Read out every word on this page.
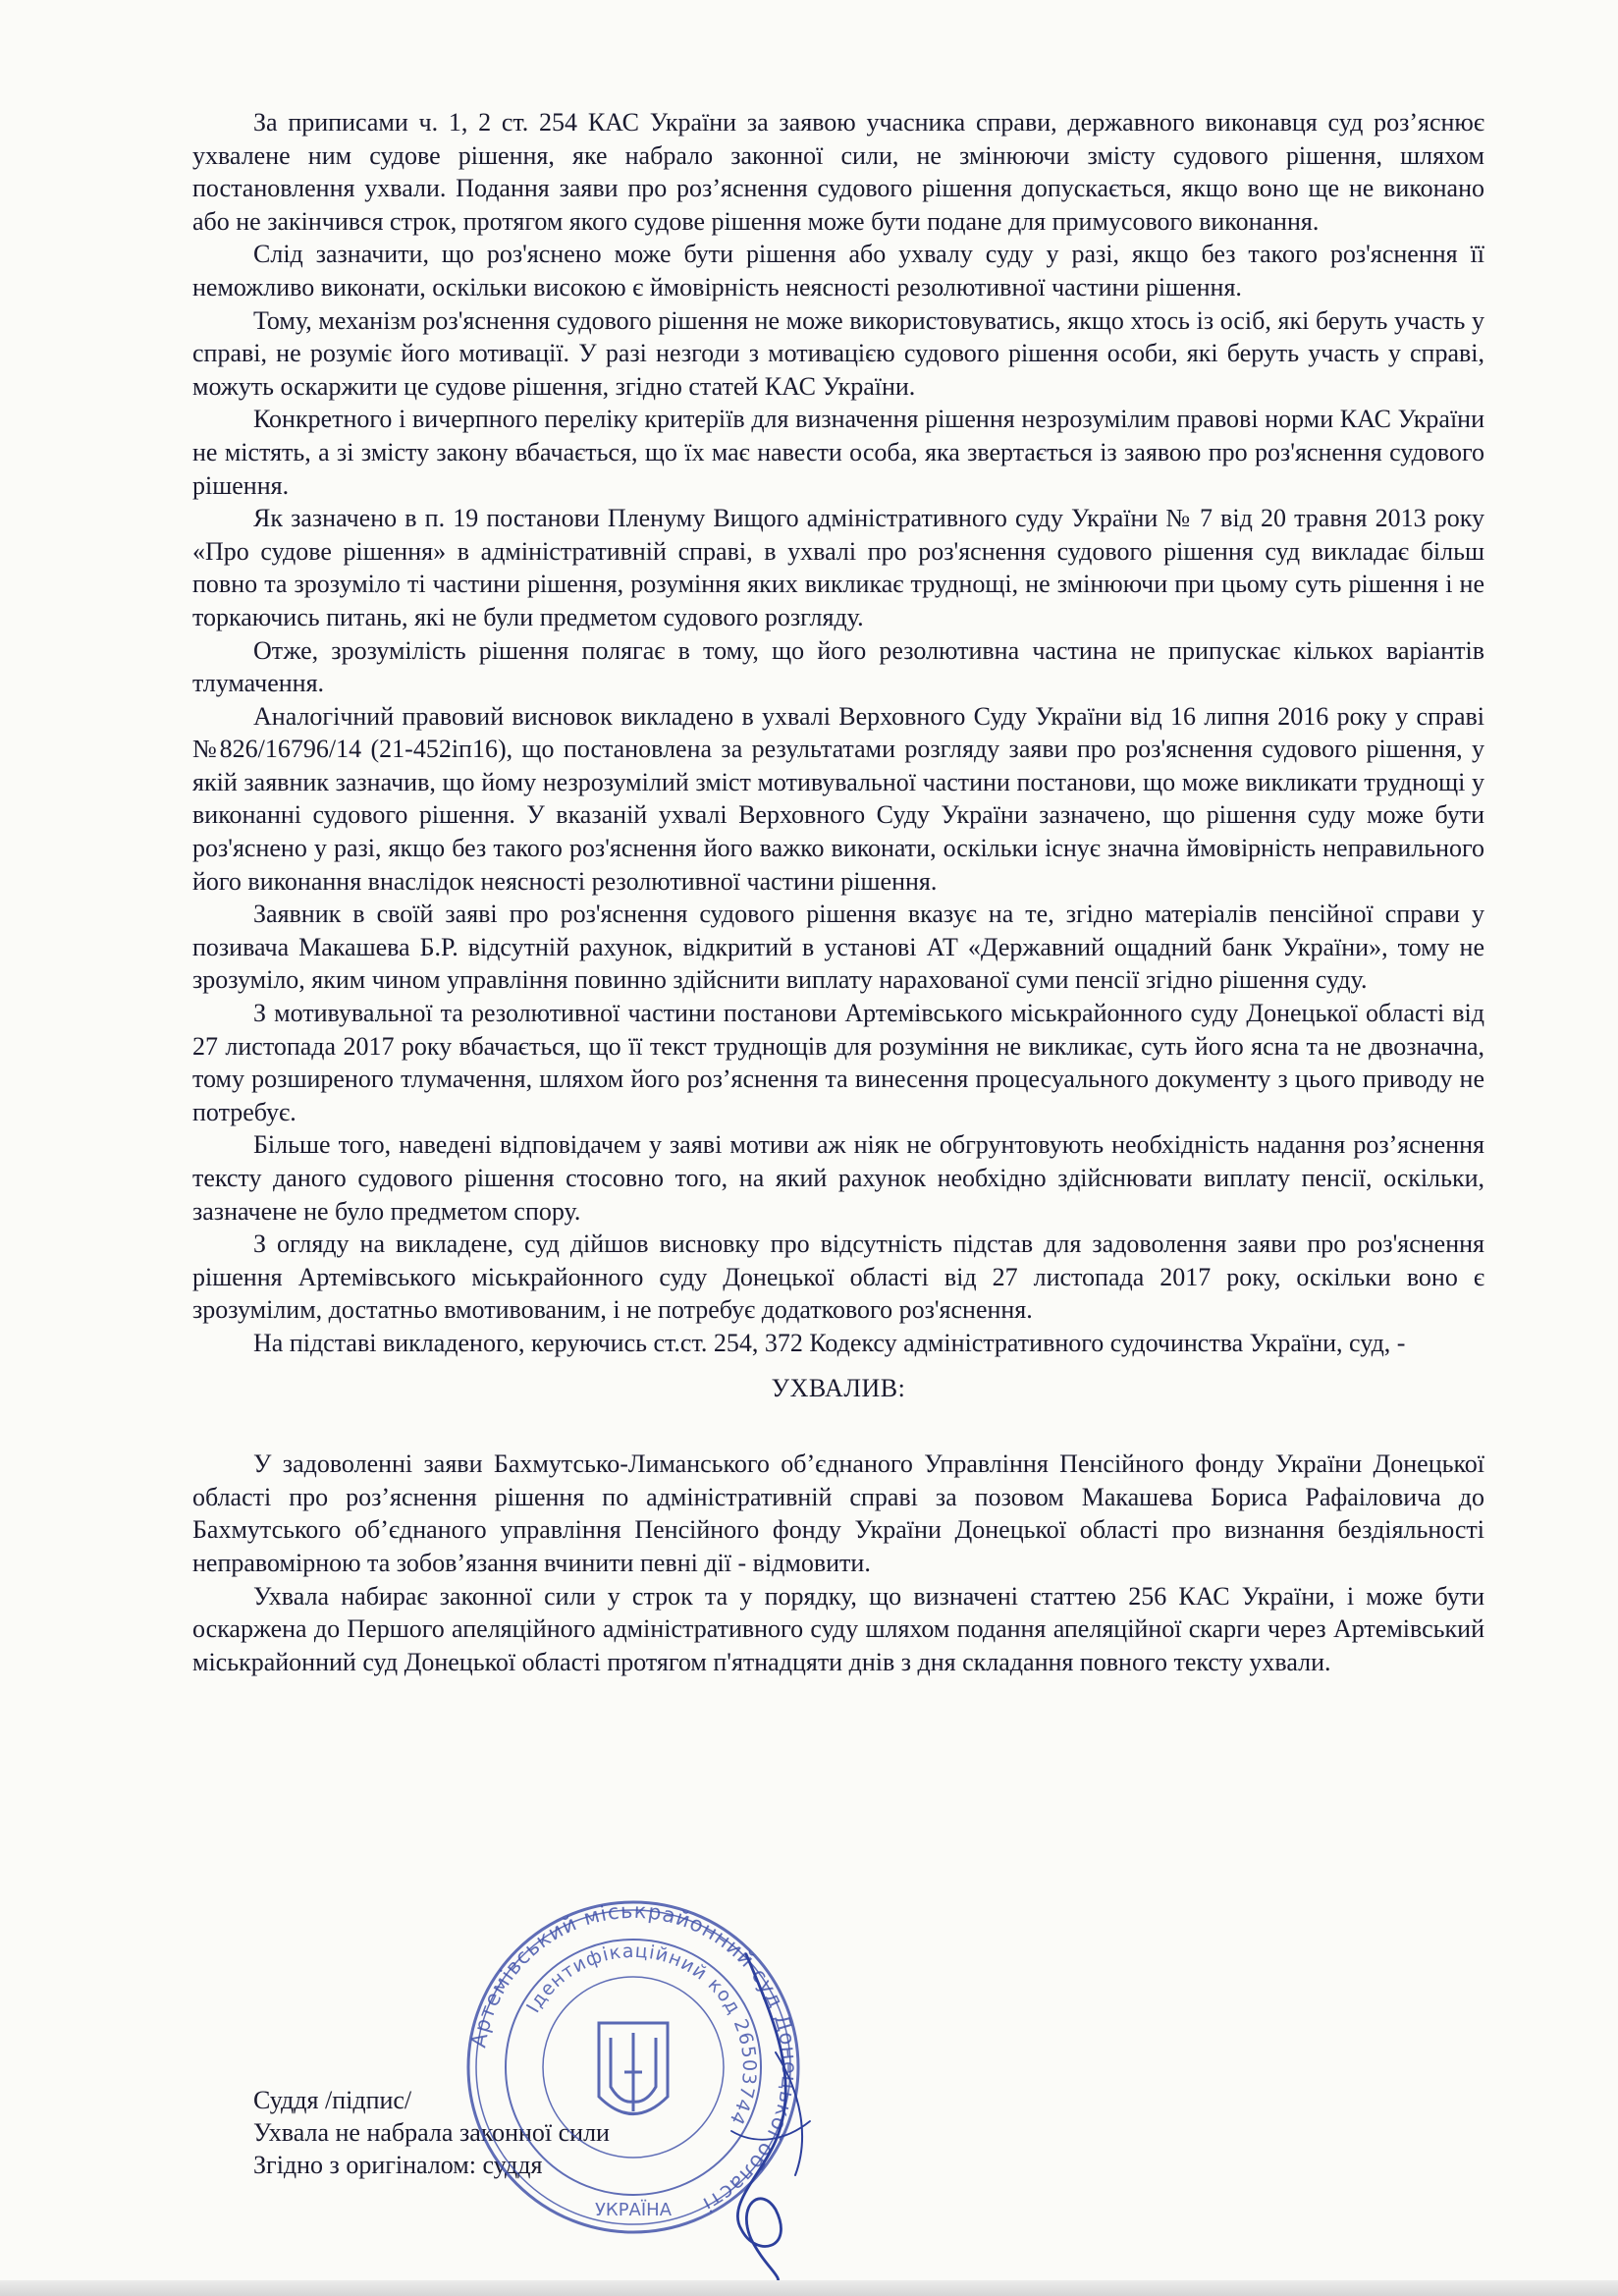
За приписами ч. 1, 2 ст. 254 КАС України за заявою учасника справи, державного виконавця суд роз’яснює ухвалене ним судове рішення, яке набрало законної сили, не змінюючи змісту судового рішення, шляхом постановлення ухвали. Подання заяви про роз’яснення судового рішення допускається, якщо воно ще не виконано або не закінчився строк, протягом якого судове рішення може бути подане для примусового виконання.

Слід зазначити, що роз'яснено може бути рішення або ухвалу суду у разі, якщо без такого роз'яснення її неможливо виконати, оскільки високою є ймовірність неясності резолютивної частини рішення.

Тому, механізм роз'яснення судового рішення не може використовуватись, якщо хтось із осіб, які беруть участь у справі, не розуміє його мотивації. У разі незгоди з мотивацією судового рішення особи, які беруть участь у справі, можуть оскаржити це судове рішення, згідно статей КАС України.

Конкретного і вичерпного переліку критеріїв для визначення рішення незрозумілим правові норми КАС України не містять, а зі змісту закону вбачається, що їх має навести особа, яка звертається із заявою про роз'яснення судового рішення.

Як зазначено в п. 19 постанови Пленуму Вищого адміністративного суду України № 7 від 20 травня 2013 року «Про судове рішення» в адміністративній справі, в ухвалі про роз'яснення судового рішення суд викладає більш повно та зрозуміло ті частини рішення, розуміння яких викликає труднощі, не змінюючи при цьому суть рішення і не торкаючись питань, які не були предметом судового розгляду.

Отже, зрозумілість рішення полягає в тому, що його резолютивна частина не припускає кількох варіантів тлумачення.

Аналогічний правовий висновок викладено в ухвалі Верховного Суду України від 16 липня 2016 року у справі №826/16796/14 (21-452іп16), що постановлена за результатами розгляду заяви про роз'яснення судового рішення, у якій заявник зазначив, що йому незрозумілий зміст мотивувальної частини постанови, що може викликати труднощі у виконанні судового рішення. У вказаній ухвалі Верховного Суду України зазначено, що рішення суду може бути роз'яснено у разі, якщо без такого роз'яснення його важко виконати, оскільки існує значна ймовірність неправильного його виконання внаслідок неясності резолютивної частини рішення.

Заявник в своїй заяві про роз'яснення судового рішення вказує на те, згідно матеріалів пенсійної справи у позивача Макашева Б.Р. відсутній рахунок, відкритий в установі АТ «Державний ощадний банк України», тому не зрозуміло, яким чином управління повинно здійснити виплату нарахованої суми пенсії згідно рішення суду.

З мотивувальної та резолютивної частини постанови Артемівського міськрайонного суду Донецької області від 27 листопада 2017 року вбачається, що її текст труднощів для розуміння не викликає, суть його ясна та не двозначна, тому розширеного тлумачення, шляхом його роз’яснення та винесення процесуального документу з цього приводу не потребує.

Більше того, наведені відповідачем у заяві мотиви аж ніяк не обгрунтовують необхідність надання роз’яснення тексту даного судового рішення стосовно того, на який рахунок необхідно здійснювати виплату пенсії, оскільки, зазначене не було предметом спору.

З огляду на викладене, суд дійшов висновку про відсутність підстав для задоволення заяви про роз'яснення рішення Артемівського міськрайонного суду Донецької області від 27 листопада 2017 року, оскільки воно є зрозумілим, достатньо вмотивованим, і не потребує додаткового роз'яснення.

На підставі викладеного, керуючись ст.ст. 254, 372 Кодексу адміністративного судочинства України, суд, -

УХВАЛИВ:

У задоволенні заяви Бахмутсько-Лиманського об’єднаного Управління Пенсійного фонду України Донецької області про роз’яснення рішення по адміністративній справі за позовом Макашева Бориса Рафаіловича до Бахмутського об’єднаного управління Пенсійного фонду України Донецької області про визнання бездіяльності неправомірною та зобов’язання вчинити певні дії - відмовити.

Ухвала набирає законної сили у строк та у порядку, що визначені статтею 256 КАС України, і може бути оскаржена до Першого апеляційного адміністративного суду шляхом подання апеляційної скарги через Артемівський міськрайонний суд Донецької області протягом п'ятнадцяти днів з дня складання повного тексту ухвали.

Суддя /підпис/
Ухвала не набрала законної сили
Згідно з оригіналом: суддя
Артемівський міськрайонний суд Донецької області
Ідентифікаційний код 26503744
УКРАЇНА
